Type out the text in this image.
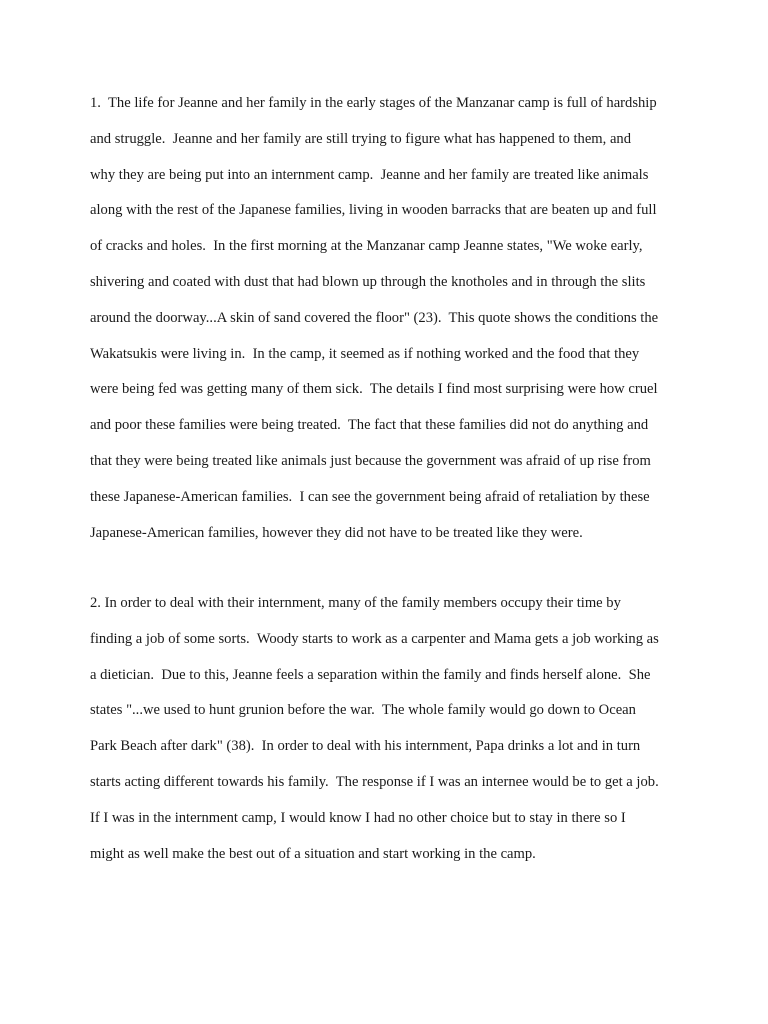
1.  The life for Jeanne and her family in the early stages of the Manzanar camp is full of hardship
and struggle.  Jeanne and her family are still trying to figure what has happened to them, and
why they are being put into an internment camp.  Jeanne and her family are treated like animals
along with the rest of the Japanese families, living in wooden barracks that are beaten up and full
of cracks and holes.  In the first morning at the Manzanar camp Jeanne states, "We woke early,
shivering and coated with dust that had blown up through the knotholes and in through the slits
around the doorway...A skin of sand covered the floor" (23).  This quote shows the conditions the
Wakatsukis were living in.  In the camp, it seemed as if nothing worked and the food that they
were being fed was getting many of them sick.  The details I find most surprising were how cruel
and poor these families were being treated.  The fact that these families did not do anything and
that they were being treated like animals just because the government was afraid of up rise from
these Japanese-American families.  I can see the government being afraid of retaliation by these
Japanese-American families, however they did not have to be treated like they were.
2. In order to deal with their internment, many of the family members occupy their time by
finding a job of some sorts.  Woody starts to work as a carpenter and Mama gets a job working as
a dietician.  Due to this, Jeanne feels a separation within the family and finds herself alone.  She
states "...we used to hunt grunion before the war.  The whole family would go down to Ocean
Park Beach after dark" (38).  In order to deal with his internment, Papa drinks a lot and in turn
starts acting different towards his family.  The response if I was an internee would be to get a job.
If I was in the internment camp, I would know I had no other choice but to stay in there so I
might as well make the best out of a situation and start working in the camp.
